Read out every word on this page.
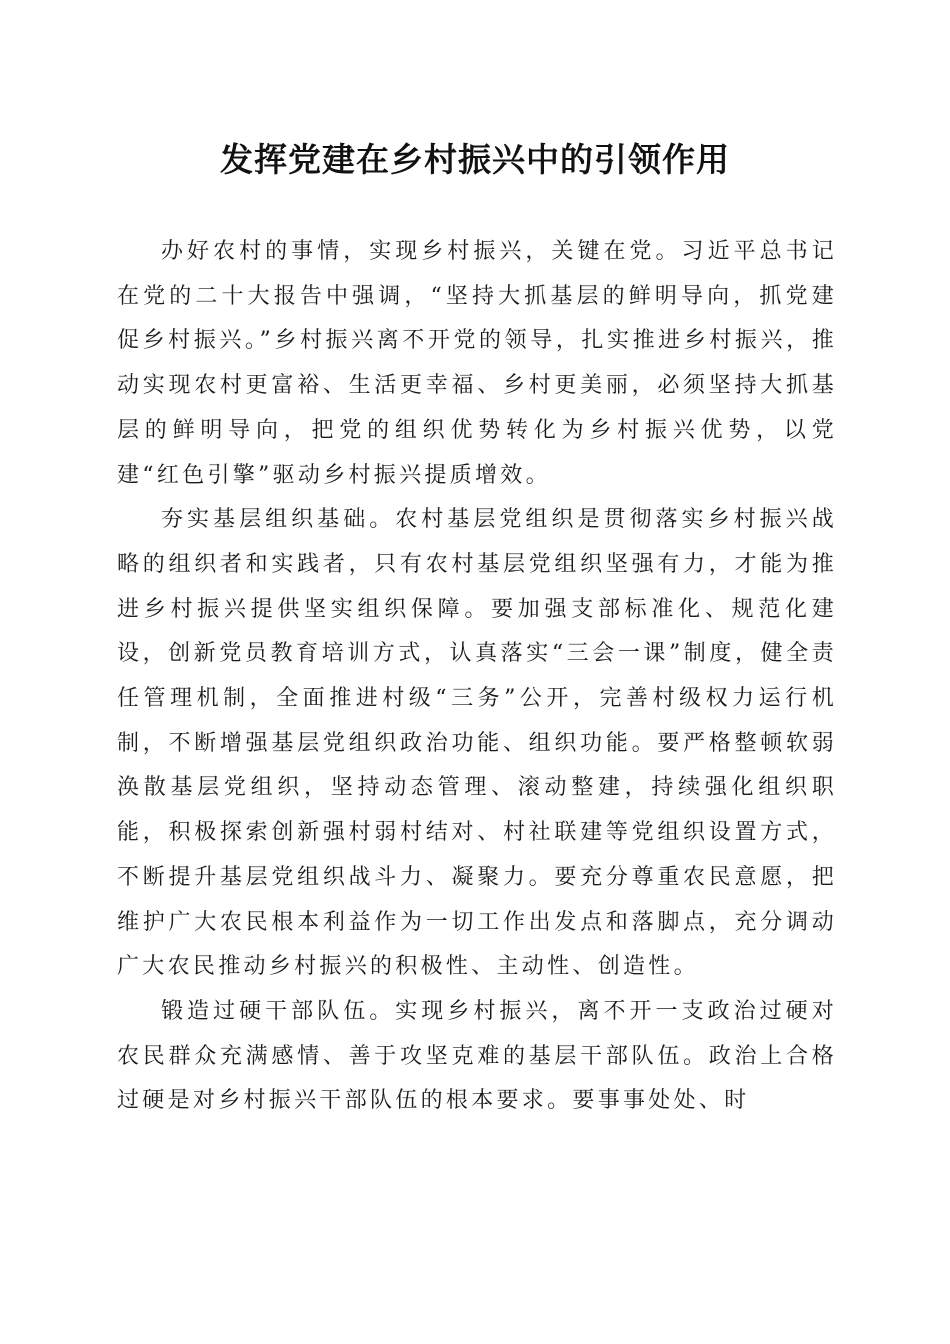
发挥党建在乡村振兴中的引领作用

办好农村的事情，实现乡村振兴，关键在党。习近平总书记在党的二十大报告中强调，“坚持大抓基层的鲜明导向，抓党建促乡村振兴。”乡村振兴离不开党的领导，扎实推进乡村振兴，推动实现农村更富裕、生活更幸福、乡村更美丽，必须坚持大抓基层的鲜明导向，把党的组织优势转化为乡村振兴优势，以党建“红色引擎”驱动乡村振兴提质增效。

夯实基层组织基础。农村基层党组织是贯彻落实乡村振兴战略的组织者和实践者，只有农村基层党组织坚强有力，才能为推进乡村振兴提供坚实组织保障。要加强支部标准化、规范化建设，创新党员教育培训方式，认真落实“三会一课”制度，健全责任管理机制，全面推进村级“三务”公开，完善村级权力运行机制，不断增强基层党组织政治功能、组织功能。要严格整顿软弱涣散基层党组织，坚持动态管理、滚动整建，持续强化组织职能，积极探索创新强村弱村结对、村社联建等党组织设置方式，不断提升基层党组织战斗力、凝聚力。要充分尊重农民意愿，把维护广大农民根本利益作为一切工作出发点和落脚点，充分调动广大农民推动乡村振兴的积极性、主动性、创造性。

锻造过硬干部队伍。实现乡村振兴，离不开一支政治过硬对农民群众充满感情、善于攻坚克难的基层干部队伍。政治上合格过硬是对乡村振兴干部队伍的根本要求。要事事处处、时
